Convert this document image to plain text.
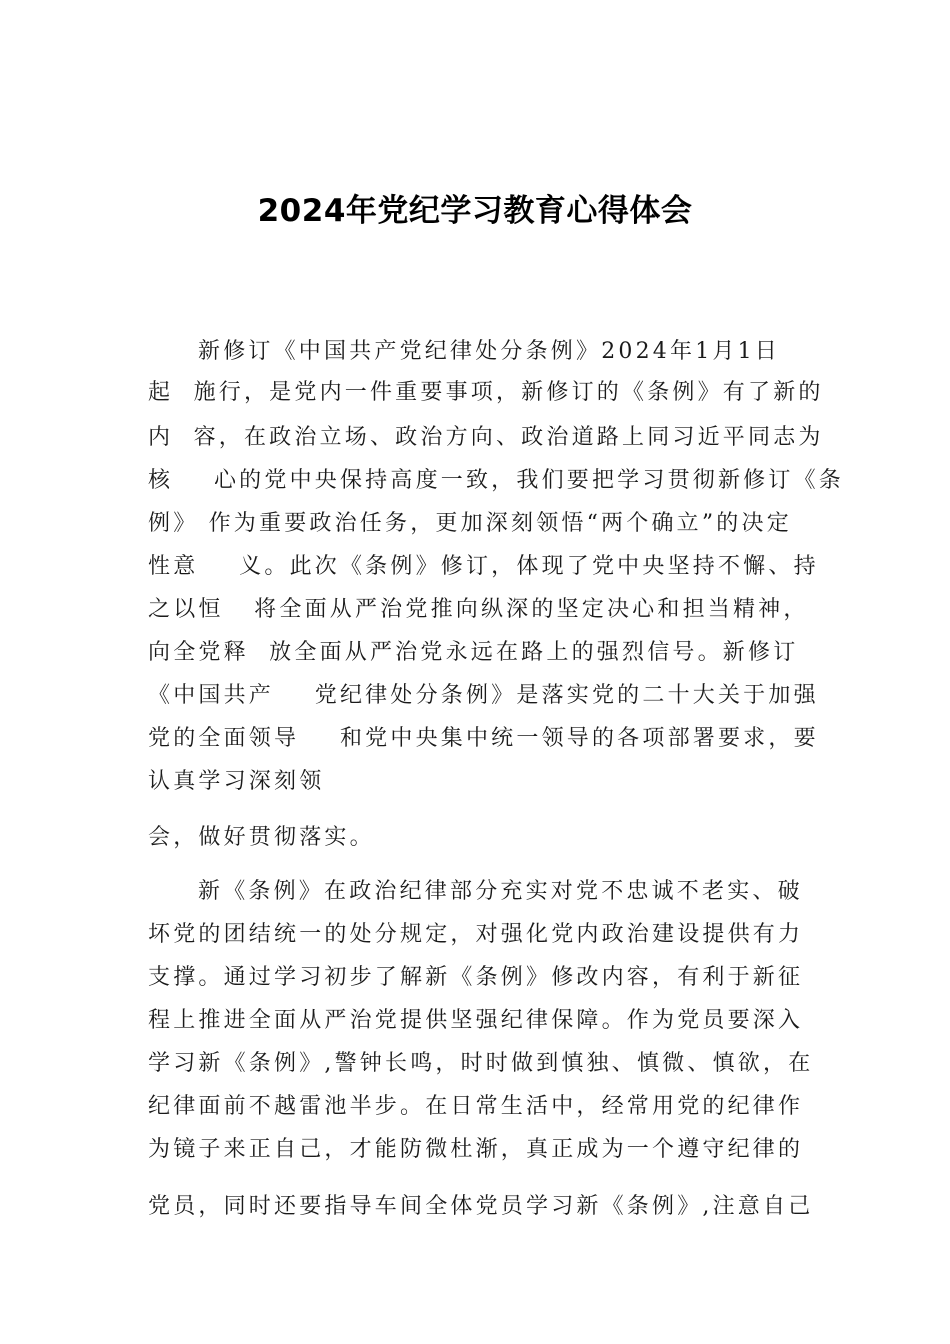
2024年党纪学习教育心得体会
新修订《中国共产党纪律处分条例》2024年1月1日
起  施行，是党内一件重要事项，新修订的《条例》有了新的
内  容，在政治立场、政治方向、政治道路上同习近平同志为
核    心的党中央保持高度一致，我们要把学习贯彻新修订《条
例》 作为重要政治任务，更加深刻领悟“两个确立”的决定
性意    义。此次《条例》修订，体现了党中央坚持不懈、持
之以恒   将全面从严治党推向纵深的坚定决心和担当精神，
向全党释  放全面从严治党永远在路上的强烈信号。新修订
《中国共产    党纪律处分条例》是落实党的二十大关于加强
党的全面领导    和党中央集中统一领导的各项部署要求，要
认真学习深刻领
会，做好贯彻落实。
新《条例》在政治纪律部分充实对党不忠诚不老实、破
坏党的团结统一的处分规定，对强化党内政治建设提供有力
支撑。通过学习初步了解新《条例》修改内容，有利于新征
程上推进全面从严治党提供坚强纪律保障。作为党员要深入
学习新《条例》,警钟长鸣，时时做到慎独、慎微、慎欲，在
纪律面前不越雷池半步。在日常生活中，经常用党的纪律作
为镜子来正自己，才能防微杜渐，真正成为一个遵守纪律的
党员，同时还要指导车间全体党员学习新《条例》,注意自己
